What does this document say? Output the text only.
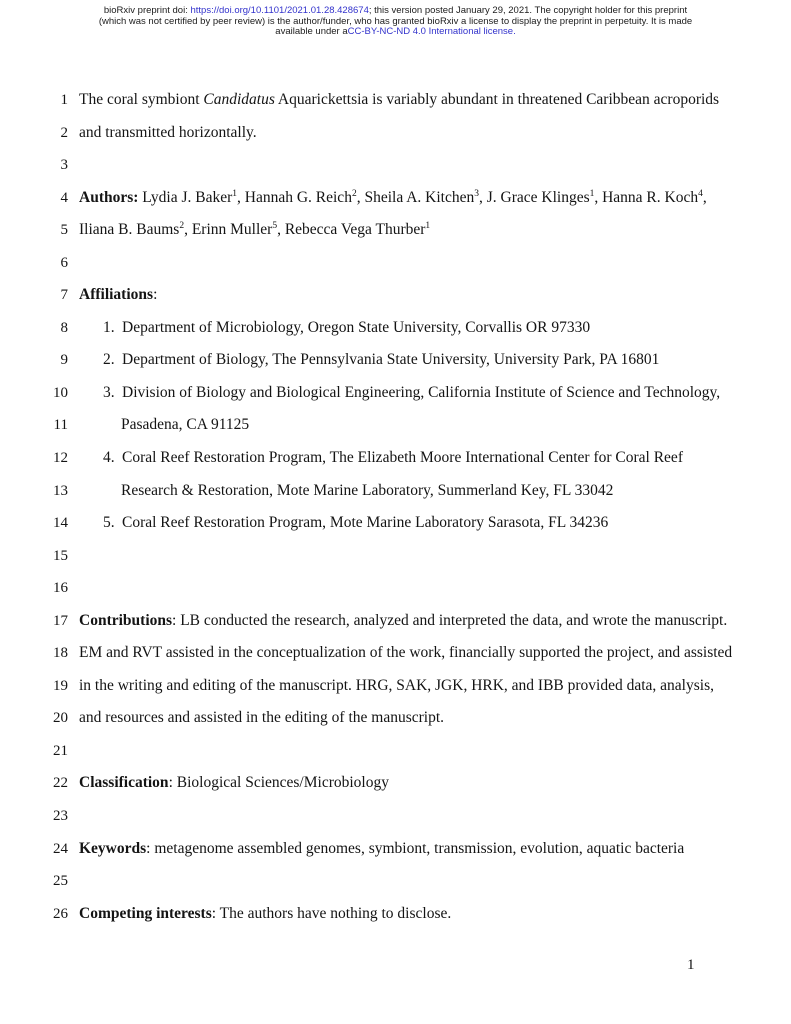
bioRxiv preprint doi: https://doi.org/10.1101/2021.01.28.428674; this version posted January 29, 2021. The copyright holder for this preprint
(which was not certified by peer review) is the author/funder, who has granted bioRxiv a license to display the preprint in perpetuity. It is made
available under aCC-BY-NC-ND 4.0 International license.
1 The coral symbiont Candidatus Aquarickettsia is variably abundant in threatened Caribbean acroporids
2 and transmitted horizontally.
3
4 Authors: Lydia J. Baker$^1$, Hannah G. Reich$^2$, Sheila A. Kitchen$^3$, J. Grace Klinges$^1$, Hanna R. Koch$^4$,
5 Iliana B. Baums$^2$, Erinn Muller$^5$, Rebecca Vega Thurber$^1$
6
7 Affiliations:
8 1. Department of Microbiology, Oregon State University, Corvallis OR 97330
9 2. Department of Biology, The Pennsylvania State University, University Park, PA 16801
10 3. Division of Biology and Biological Engineering, California Institute of Science and Technology,
11	Pasadena, CA 91125
12 4. Coral Reef Restoration Program, The Elizabeth Moore International Center for Coral Reef
13	Research & Restoration, Mote Marine Laboratory, Summerland Key, FL 33042
14 5. Coral Reef Restoration Program, Mote Marine Laboratory Sarasota, FL 34236
15
16
17 Contributions: LB conducted the research, analyzed and interpreted the data, and wrote the manuscript.
18 EM and RVT assisted in the conceptualization of the work, financially supported the project, and assisted
19 in the writing and editing of the manuscript. HRG, SAK, JGK, HRK, and IBB provided data, analysis,
20 and resources and assisted in the editing of the manuscript.
21
22 Classification: Biological Sciences/Microbiology
23
24 Keywords: metagenome assembled genomes, symbiont, transmission, evolution, aquatic bacteria
25
26 Competing interests: The authors have nothing to disclose.
1
